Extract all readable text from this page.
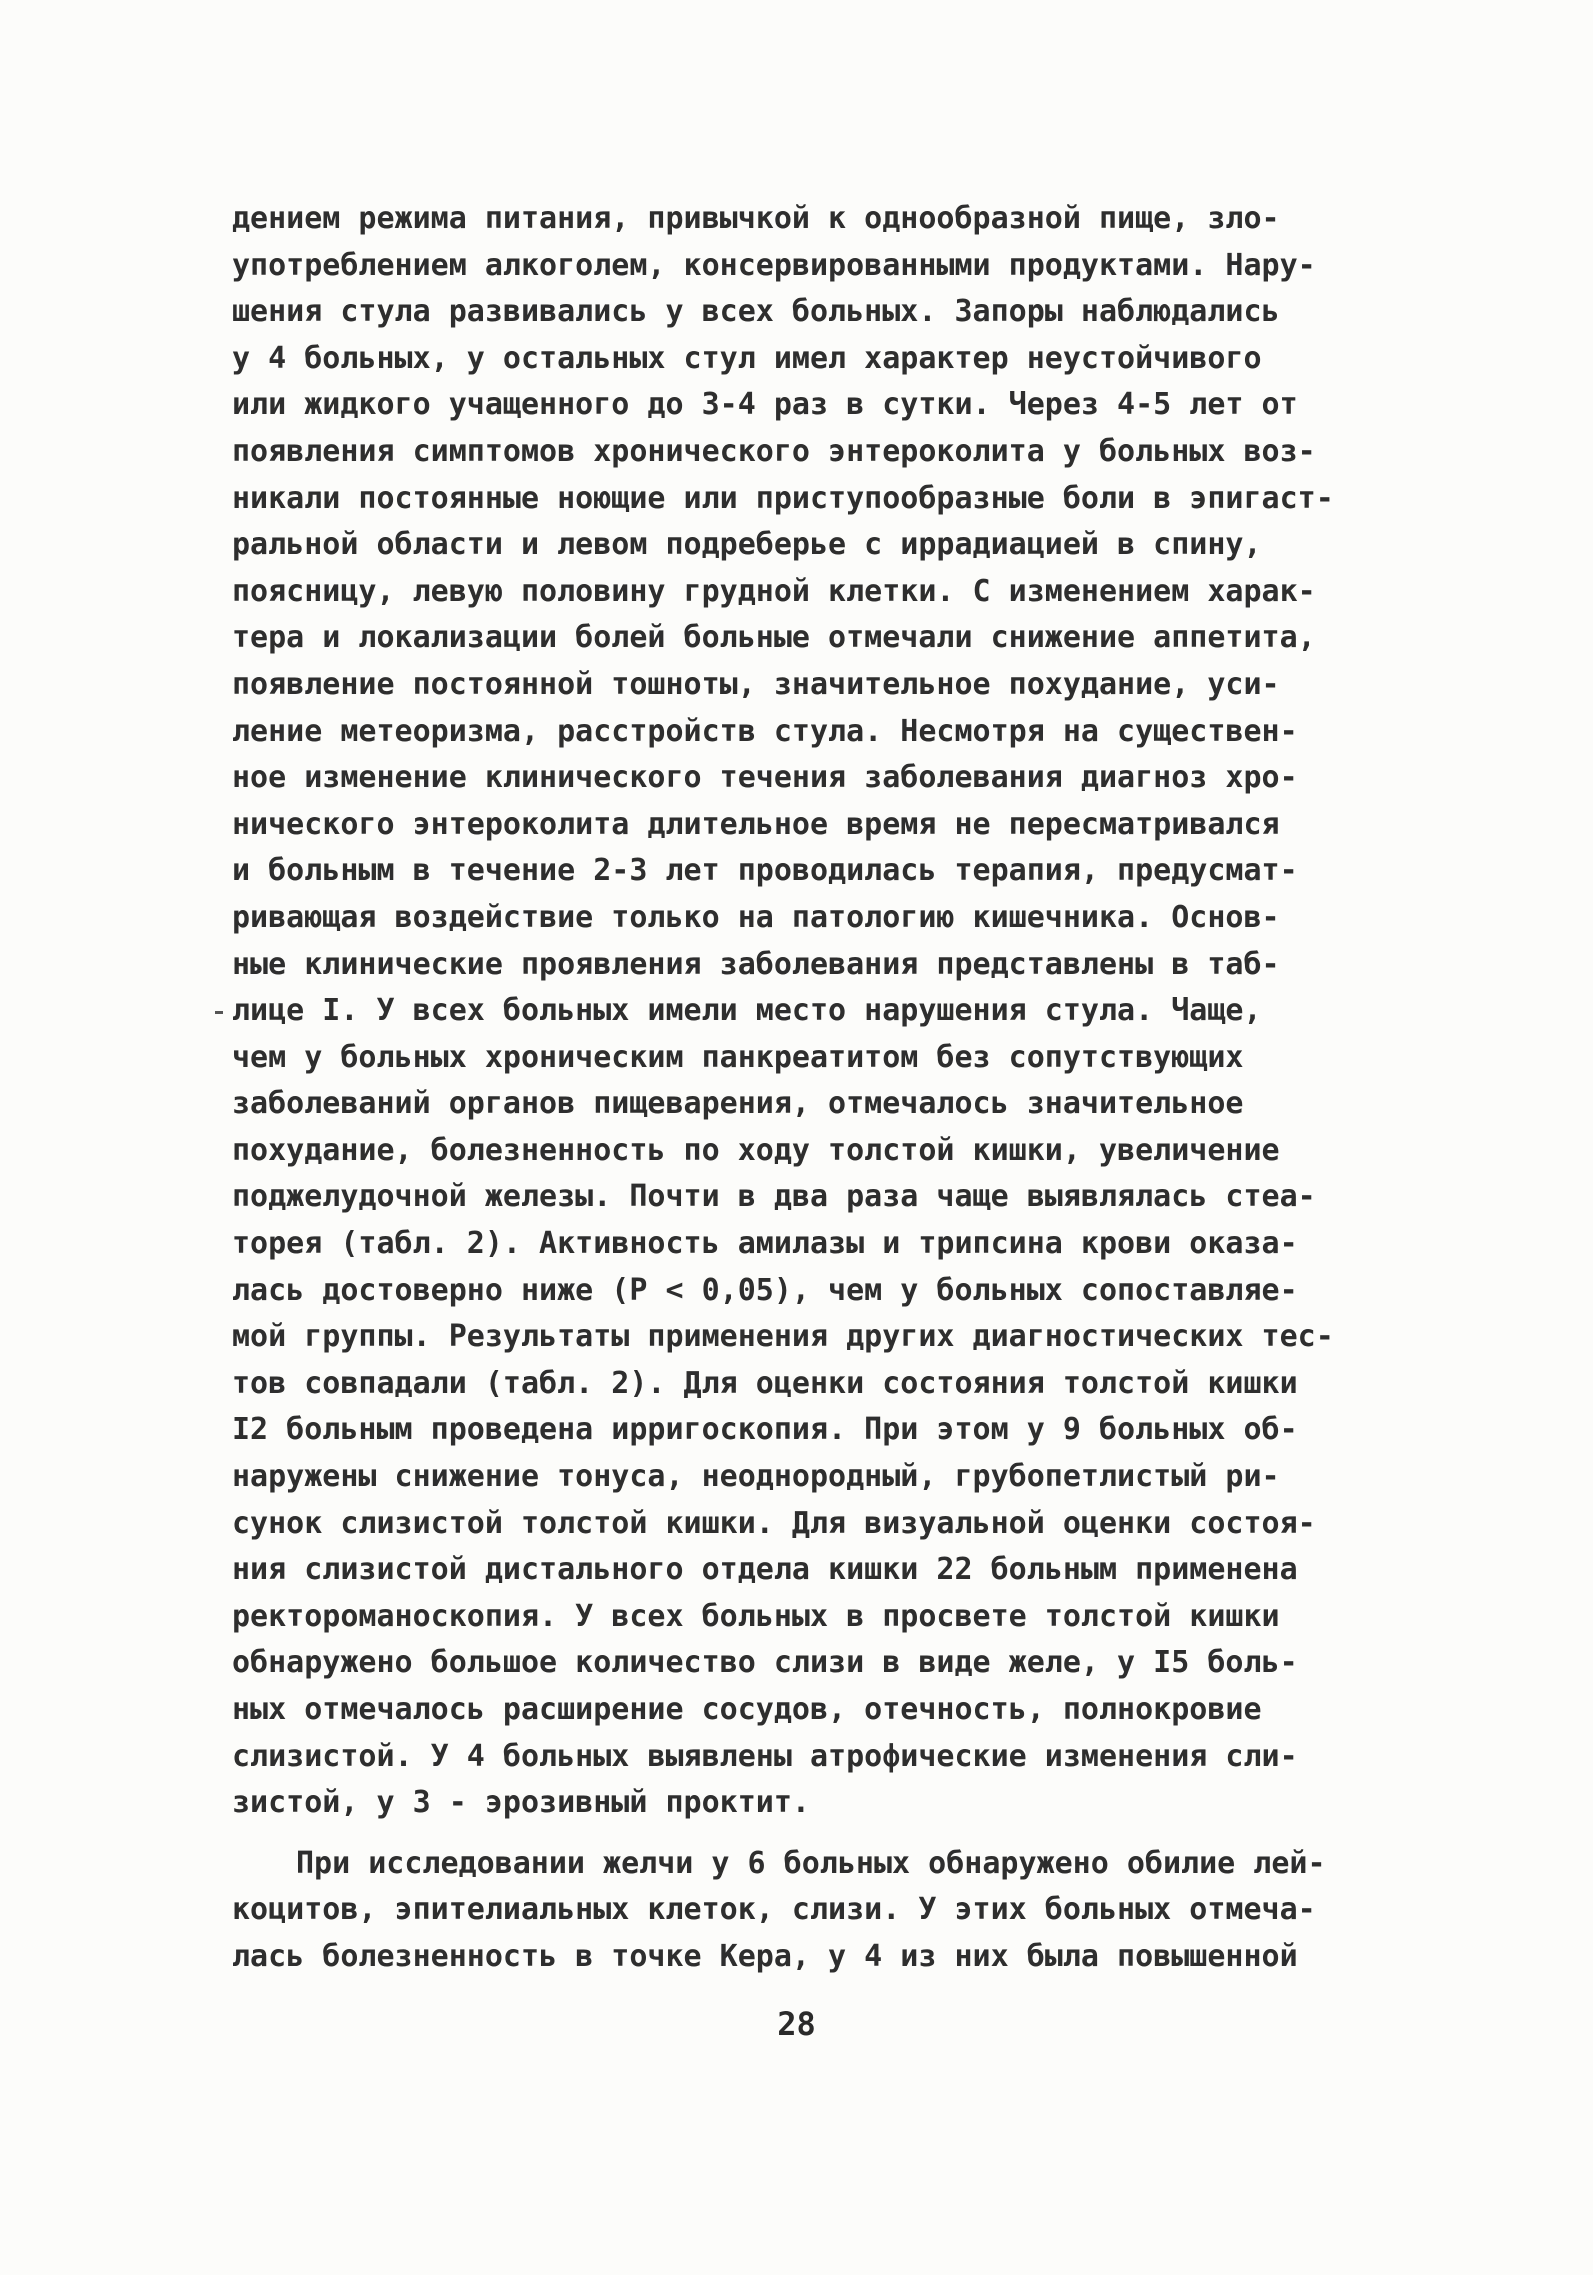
дением режима питания, привычкой к однообразной пище, зло-
употреблением алкоголем, консервированными продуктами. Нару-
шения стула развивались у всех больных. Запоры наблюдались
у 4 больных, у остальных стул имел характер неустойчивого
или жидкого учащенного до 3-4 раз в сутки. Через 4-5 лет от
появления симптомов хронического энтероколита у больных воз-
никали постоянные ноющие или приступообразные боли в эпигаст-
ральной области и левом подреберье с иррадиацией в спину,
поясницу, левую половину грудной клетки. С изменением харак-
тера и локализации болей больные отмечали снижение аппетита,
появление постоянной тошноты, значительное похудание, уси-
ление метеоризма, расстройств стула. Несмотря на существен-
ное изменение клинического течения заболевания диагноз хро-
нического энтероколита длительное время не пересматривался
и больным в течение 2-3 лет проводилась терапия, предусмат-
ривающая воздействие только на патологию кишечника. Основ-
ные клинические проявления заболевания представлены в таб-
лице I. У всех больных имели место нарушения стула. Чаще,
чем у больных хроническим панкреатитом без сопутствующих
заболеваний органов пищеварения, отмечалось значительное
похудание, болезненность по ходу толстой кишки, увеличение
поджелудочной железы. Почти в два раза чаще выявлялась стеа-
торея (табл. 2). Активность амилазы и трипсина крови оказа-
лась достоверно ниже (P < 0,05), чем у больных сопоставляе-
мой группы. Результаты применения других диагностических тес-
тов совпадали (табл. 2). Для оценки состояния толстой кишки
I2 больным проведена ирригоскопия. При этом у 9 больных об-
наружены снижение тонуса, неоднородный, грубопетлистый ри-
сунок слизистой толстой кишки. Для визуальной оценки состоя-
ния слизистой дистального отдела кишки 22 больным применена
ректороманоскопия. У всех больных в просвете толстой кишки
обнаружено большое количество слизи в виде желе, у I5 боль-
ных отмечалось расширение сосудов, отечность, полнокровие
слизистой. У 4 больных выявлены атрофические изменения сли-
зистой, у 3 - эрозивный проктит.
При исследовании желчи у 6 больных обнаружено обилие лей-
коцитов, эпителиальных клеток, слизи. У этих больных отмеча-
лась болезненность в точке Кера, у 4 из них была повышенной
28
